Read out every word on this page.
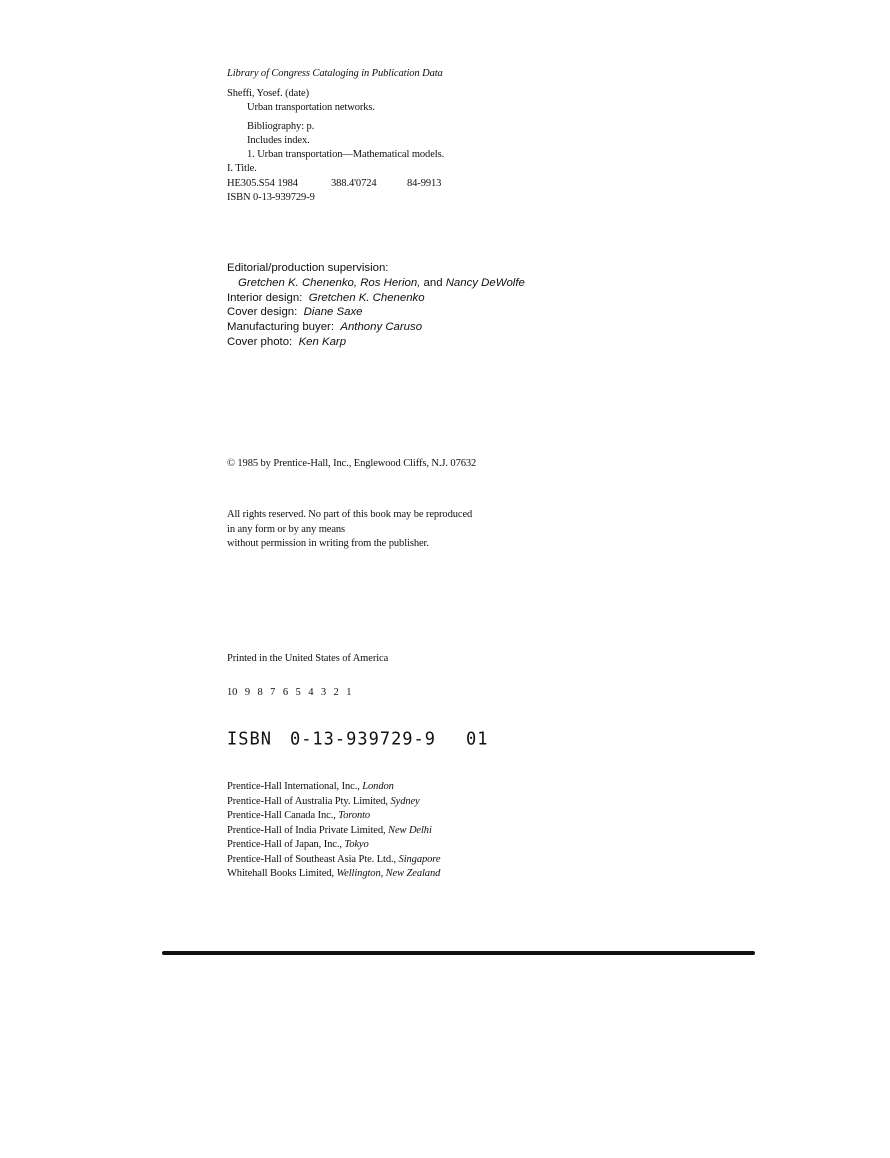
Library of Congress Cataloging in Publication Data
Sheffi, Yosef. (date)
Urban transportation networks.
Bibliography: p.
Includes index.
1. Urban transportation—Mathematical models.
I. Title.
HE305.S54 1984	388.4'0724	84-9913
ISBN 0-13-939729-9
Editorial/production supervision:
Gretchen K. Chenenko, Ros Herion, and Nancy DeWolfe
Interior design: Gretchen K. Chenenko
Cover design: Diane Saxe
Manufacturing buyer: Anthony Caruso
Cover photo: Ken Karp
© 1985 by Prentice-Hall, Inc., Englewood Cliffs, N.J. 07632
All rights reserved. No part of this book may be reproduced
in any form or by any means
without permission in writing from the publisher.
Printed in the United States of America
10 9 8 7 6 5 4 3 2 1
ISBN 0-13-939729-9 01
Prentice-Hall International, Inc., London
Prentice-Hall of Australia Pty. Limited, Sydney
Prentice-Hall Canada Inc., Toronto
Prentice-Hall of India Private Limited, New Delhi
Prentice-Hall of Japan, Inc., Tokyo
Prentice-Hall of Southeast Asia Pte. Ltd., Singapore
Whitehall Books Limited, Wellington, New Zealand
